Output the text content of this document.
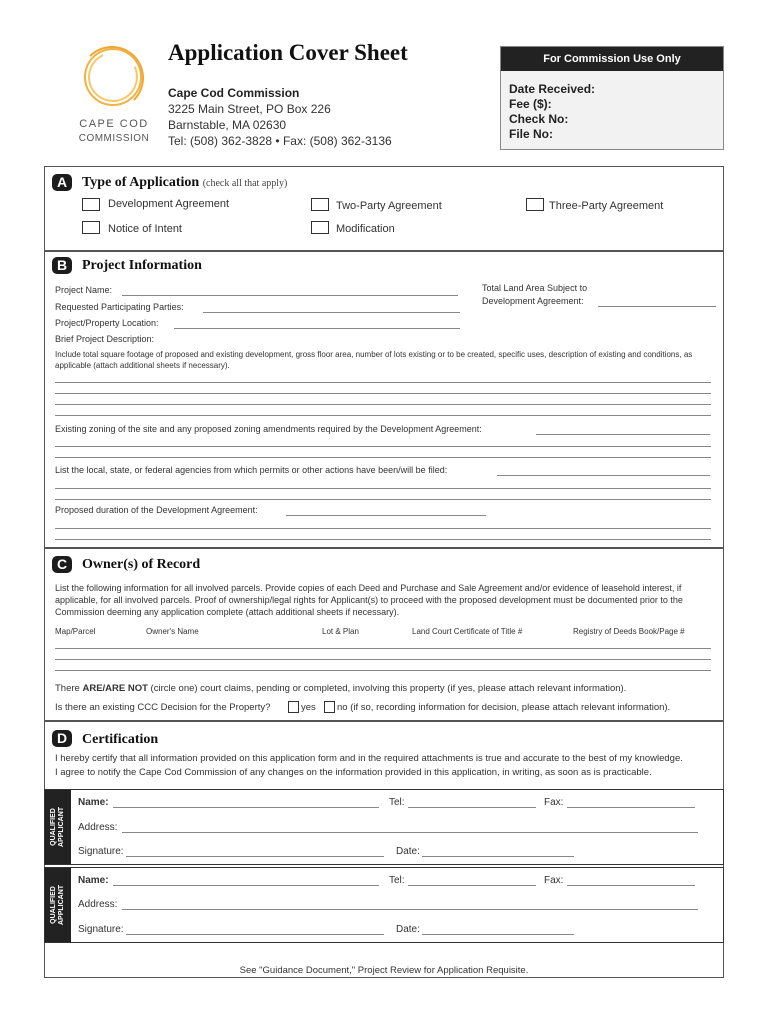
CAPE COD
COMMISSION
Application Cover Sheet
Cape Cod Commission
3225 Main Street, PO Box 226
Barnstable, MA 02630
Tel: (508) 362-3828 • Fax: (508) 362-3136
For Commission Use Only
Date Received:
Fee ($):
Check No:
File No:
A	Type of Application (check all that apply)
Development Agreement	Two-Party Agreement	Three-Party Agreement
Notice of Intent	Modification
B	Project Information
Project Name:	Total Land Area Subject to
Development Agreement:
Requested Participating Parties:
Project/Property Location:
Brief Project Description:
Include total square footage of proposed and existing development, gross floor area, number of lots existing or to be created, specific uses, description of existing and conditions, as applicable (attach additional sheets if necessary).
Existing zoning of the site and any proposed zoning amendments required by the Development Agreement:
List the local, state, or federal agencies from which permits or other actions have been/will be filed:
Proposed duration of the Development Agreement:
C	Owner(s) of Record
List the following information for all involved parcels. Provide copies of each Deed and Purchase and Sale Agreement and/or evidence of leasehold interest, if applicable, for all involved parcels. Proof of ownership/legal rights for Applicant(s) to proceed with the proposed development must be documented prior to the Commission deeming any application complete (attach additional sheets if necessary).
Map/Parcel	Owner's Name	Lot & Plan	Land Court Certificate of Title #	Registry of Deeds Book/Page #
There ARE/ARE NOT (circle one) court claims, pending or completed, involving this property (if yes, please attach relevant information).
Is there an existing CCC Decision for the Property?	yes no (if so, recording information for decision, please attach relevant information).
D	Certification
I hereby certify that all information provided on this application form and in the required attachments is true and accurate to the best of my knowledge.
I agree to notify the Cape Cod Commission of any changes on the information provided in this application, in writing, as soon as is practicable.
QUALIFIED
APPLICANT
Name:	Tel:	Fax:
Address:
Signature:	Date:
QUALIFIED
APPLICANT
Name:	Tel:	Fax:
Address:
Signature:	Date:
See "Guidance Document," Project Review for Application Requisite.
